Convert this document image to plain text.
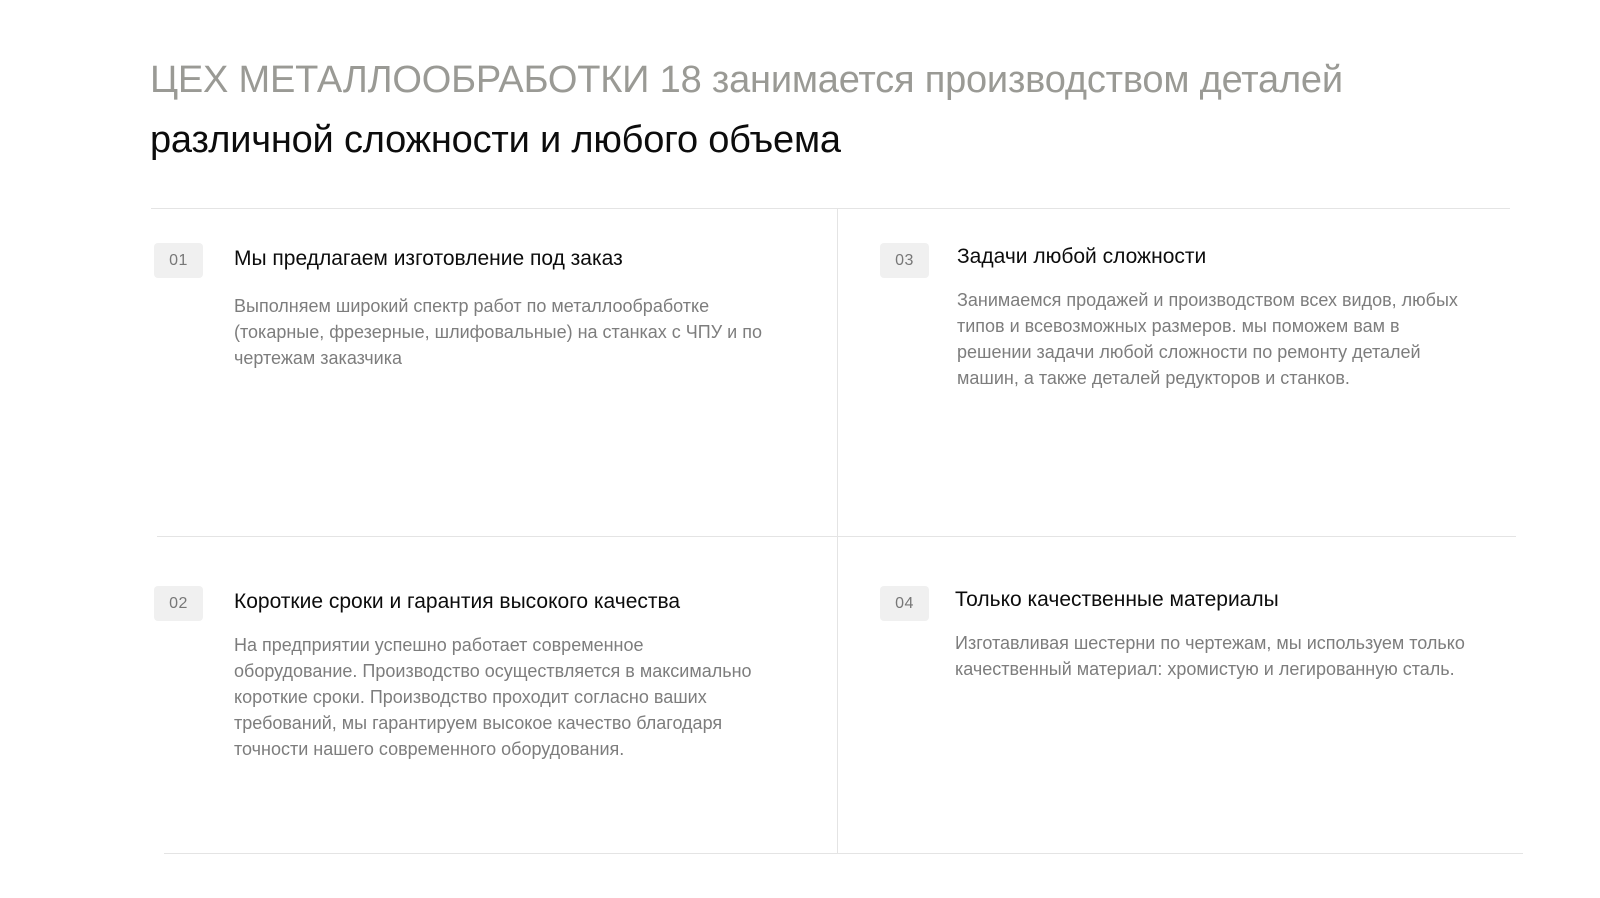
ЦЕХ МЕТАЛЛООБРАБОТКИ 18 занимается производством деталей
различной сложности и любого объема
01	Мы предлагаем изготовление под заказ
Выполняем широкий спектр работ по металлообработке (токарные, фрезерные, шлифовальные) на станках с ЧПУ и по чертежам заказчика
02	Короткие сроки и гарантия высокого качества
На предприятии успешно работает современное оборудование. Производство осуществляется в максимально короткие сроки. Производство проходит согласно ваших требований, мы гарантируем высокое качество благодаря точности нашего современного оборудования.
03	Задачи любой сложности
Занимаемся продажей и производством всех видов, любых типов и всевозможных размеров. мы поможем вам в решении задачи любой сложности по ремонту деталей машин, а также деталей редукторов и станков.
04	Только качественные материалы
Изготавливая шестерни по чертежам, мы используем только качественный материал: хромистую и легированную сталь.
